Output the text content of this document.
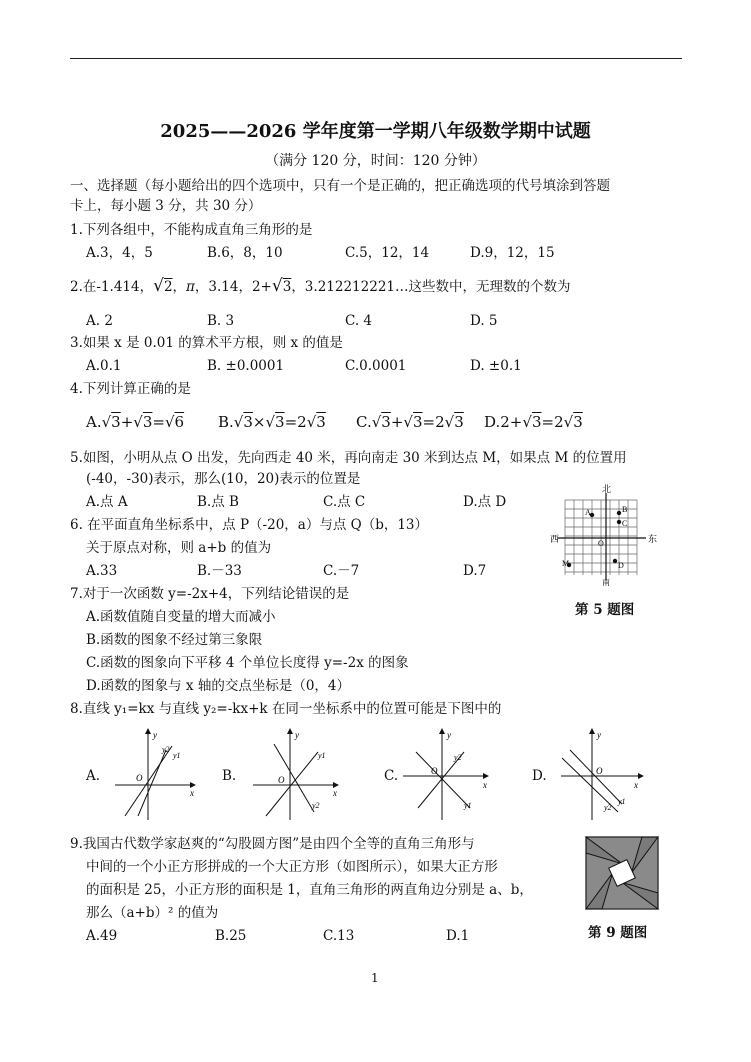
2025——2026 学年度第一学期八年级数学期中试题
（满分 120 分，时间：120 分钟）
一、选择题（每小题给出的四个选项中，只有一个是正确的，把正确选项的代号填涂到答题
卡上，每小题 3 分，共 30 分）
1.下列各组中，不能构成直角三角形的是
A.3，4，5	B.6，8，10	C.5，12，14	D.9，12，15
2.在-1.414，√2，π，3.14，2+√3，3.212212221…这些数中，无理数的个数为
A. 2	B. 3	C. 4	D. 5
3.如果 x 是 0.01 的算术平方根，则 x 的值是
A.0.1	B. ±0.0001	C.0.0001	D. ±0.1
4.下列计算正确的是
A.√3+√3=√6 B.√3×√3=2√3 C.√3+√3=2√3 D.2+√3=2√3
5.如图，小明从点 O 出发，先向西走 40 米，再向南走 30 米到达点 M，如果点 M 的位置用
(-40，-30)表示，那么(10，20)表示的位置是
A.点 A	B.点 B	C.点 C	D.点 D
北
西	东
A	B
C
D
O
M
南
第 5 题图
6. 在平面直角坐标系中，点 P（-20，a）与点 Q（b，13）
关于原点对称，则 a+b 的值为
A.33	B.－33	C.－7	D.7
7.对于一次函数 y=-2x+4，下列结论错误的是
A.函数值随自变量的增大而减小
B.函数的图象不经过第三象限
C.函数的图象向下平移 4 个单位长度得 y=-2x 的图象
D.函数的图象与 x 轴的交点坐标是（0，4）
8.直线 y₁=kx 与直线 y₂=-kx+k 在同一坐标系中的位置可能是下图中的
A.	B.	C.	D.
y
x
O
y2
y1
y
x
O
y1
y2
y
x
O
y2
y1
y
x
O
y2
y1
9.我国古代数学家赵爽的“勾股圆方图”是由四个全等的直角三角形与
中间的一个小正方形拼成的一个大正方形（如图所示），如果大正方形
的面积是 25，小正方形的面积是 1，直角三角形的两直角边分别是 a、b，
那么（a+b）² 的值为
A.49	B.25	C.13	D.1	第 9 题图
1
